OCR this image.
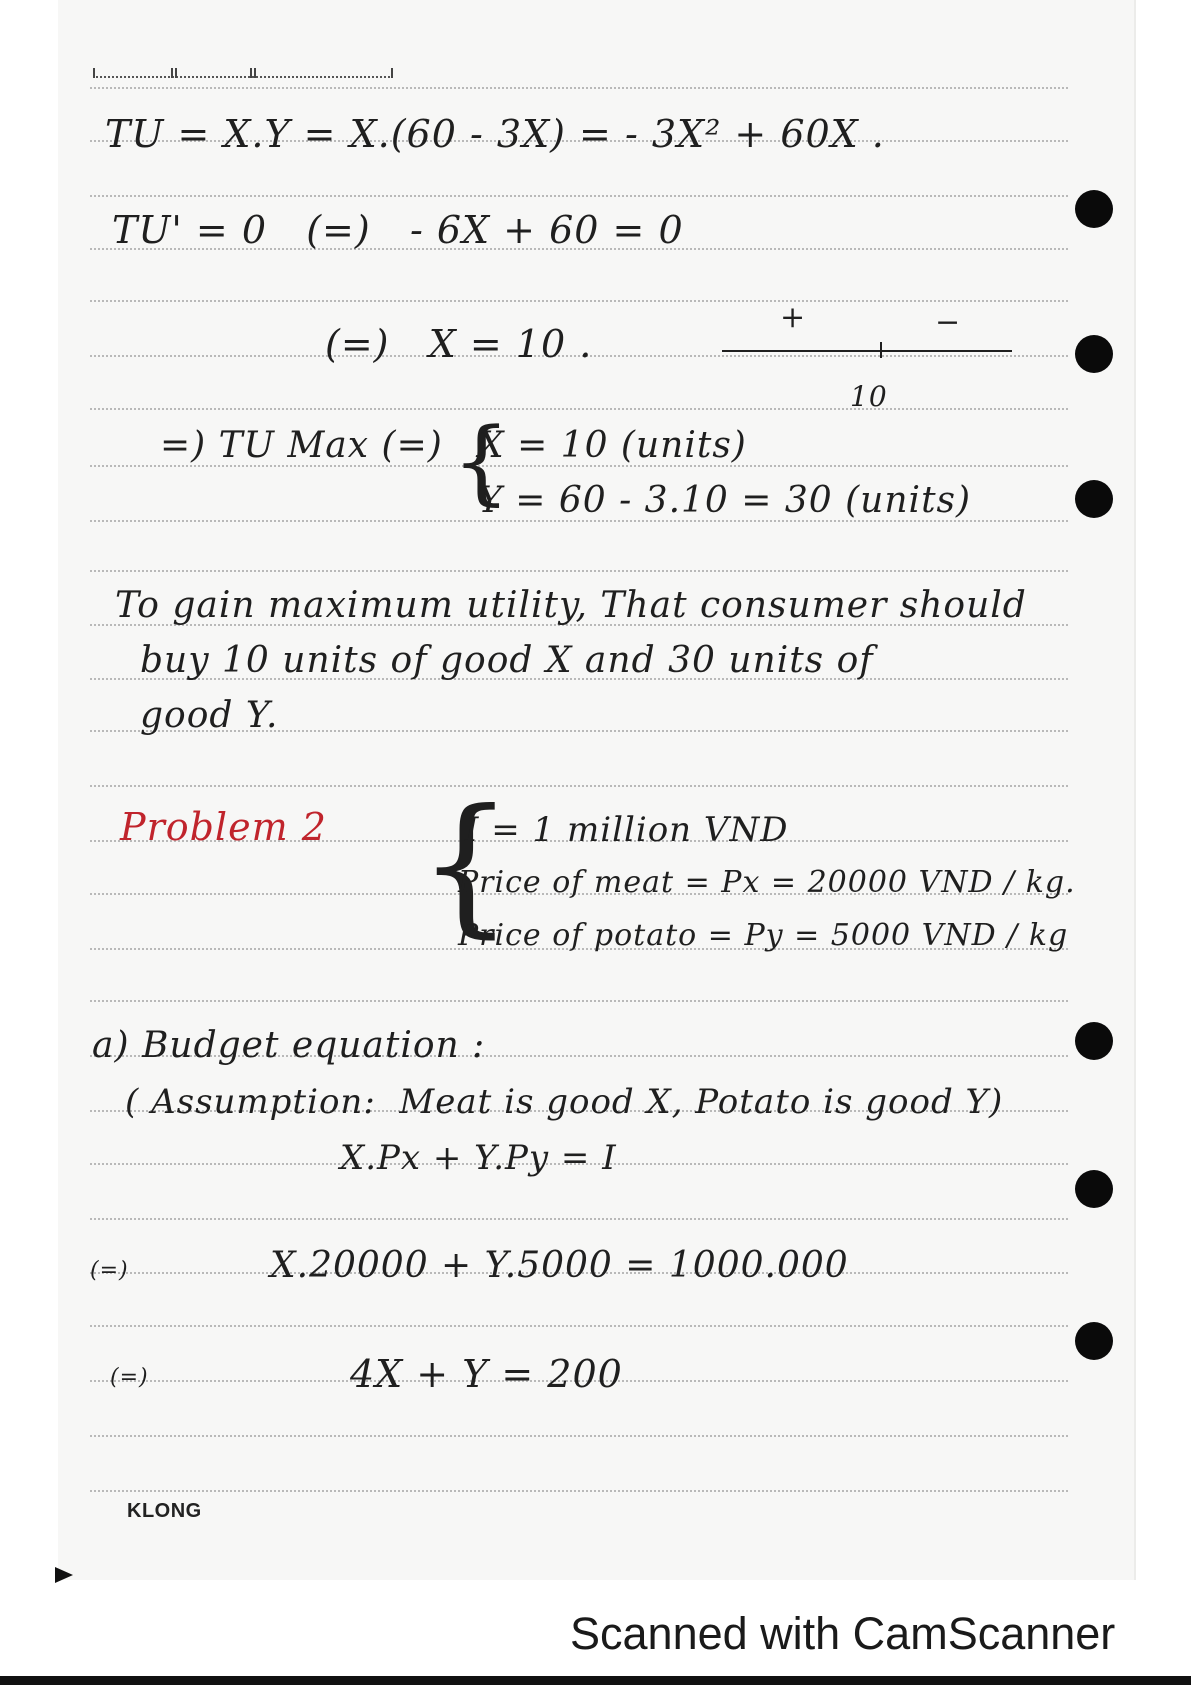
TU = X.Y = X.(60 - 3X) = - 3X² + 60X .
TU' = 0   (=)   - 6X + 60 = 0
(=)   X = 10 .
+	−
10
=) TU Max (=) {
X = 10 (units)
Y = 60 - 3.10 = 30 (units)
To gain maximum utility, That consumer should
buy 10 units of good X and 30 units of
good Y.
Problem 2 {
I = 1 million VND
Price of meat = Px = 20000 VND / kg.
Price of potato = Py = 5000 VND / kg
a) Budget equation :
( Assumption:  Meat is good X, Potato is good Y)
X.Px + Y.Py = I
(=)	X.20000 + Y.5000 = 1000.000
(=)	4X + Y = 200
KLONG
Scanned with CamScanner
